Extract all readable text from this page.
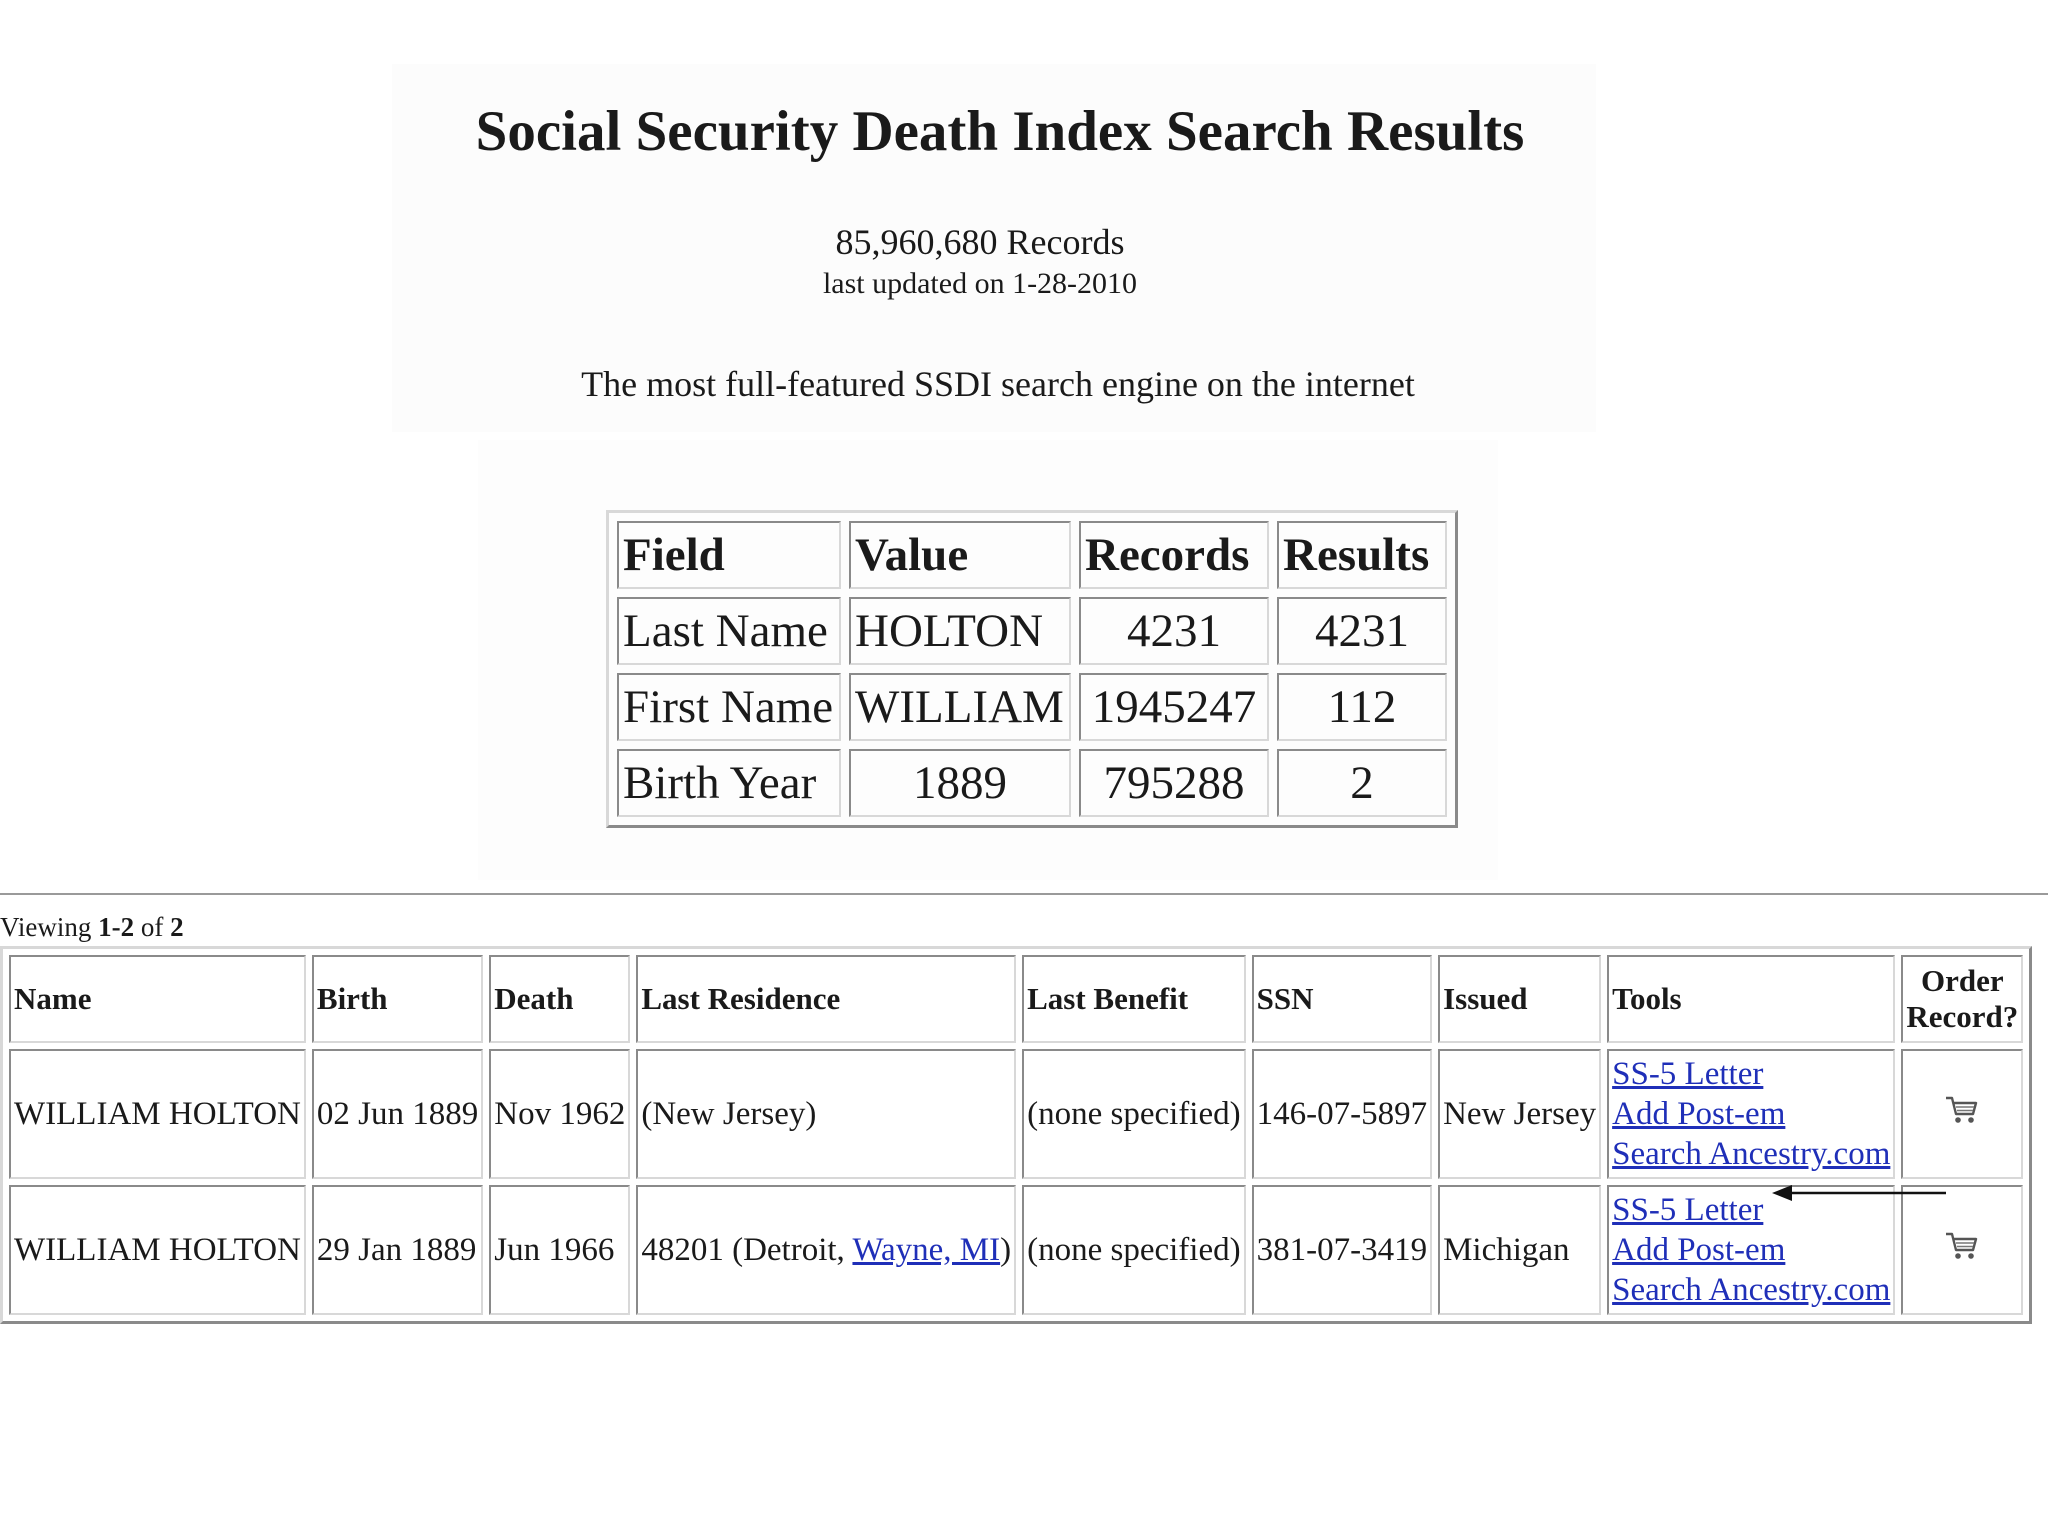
Social Security Death Index Search Results
85,960,680 Records
last updated on 1-28-2010
The most full-featured SSDI search engine on the internet
Field	Value	Records	Results
Last Name	HOLTON	4231	4231
First Name	WILLIAM	1945247	112
Birth Year	1889	795288	2
Viewing 1-2 of 2
Name	Birth	Death	Last Residence	Last Benefit	SSN	Issued	Tools	Order
Record?
WILLIAM HOLTON	02 Jun 1889	Nov 1962	(New Jersey)	(none specified)	146-07-5897	New Jersey	SS-5 Letter
Add Post-em
Search Ancestry.com

WILLIAM HOLTON	29 Jan 1889	Jun 1966	48201 (Detroit, Wayne, MI)	(none specified)	381-07-3419	Michigan	SS-5 Letter
Add Post-em
Search Ancestry.com
